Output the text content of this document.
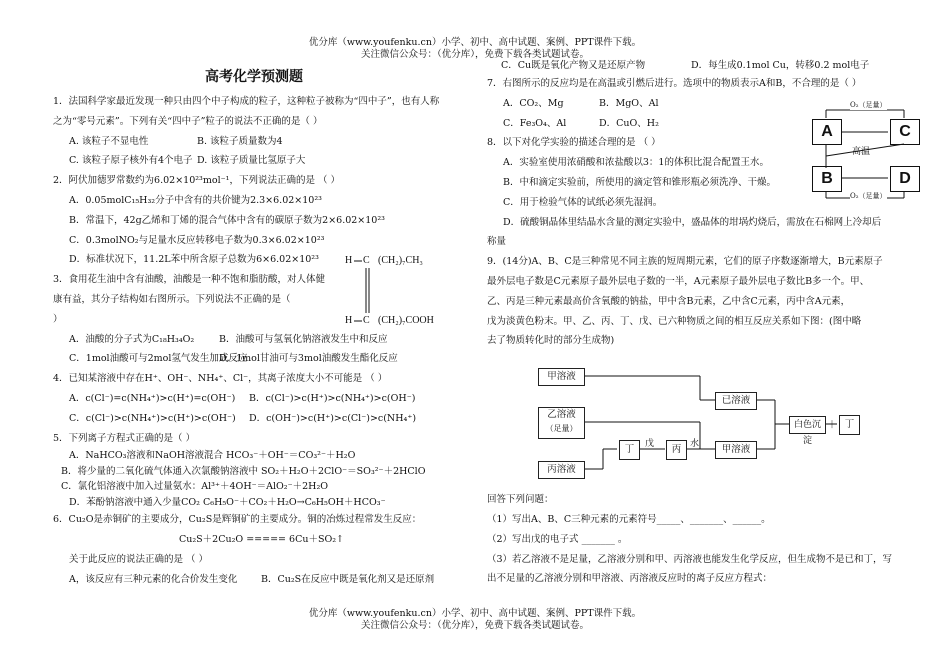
优分库（www.youfenku.cn）小学、初中、高中试题、案例、PPT课件下载。
关注微信公众号：（优分库），免费下载各类试题试卷。
高考化学预测题
1．法国科学家最近发现一种只由四个中子构成的粒子，这种粒子被称为“四中子”，也有人称
之为“零号元素”。下列有关“四中子”粒子的说法不正确的是（ ）
A. 该粒子不显电性	B. 该粒子质量数为4
C. 该粒子原子核外有4个电子 D. 该粒子质量比氢原子大
2．阿伏加德罗常数约为6.02×10²³mol⁻¹，下列说法正确的是 （ ）
A．0.05molC₁₅H₃₂分子中含有的共价键为2.3×6.02×10²³
B．常温下，42g乙烯和丁烯的混合气体中含有的碳原子数为2×6.02×10²³
C．0.3molNO₂与足量水反应转移电子数为0.3×6.02×10²³
D．标准状况下，11.2L苯中所含原子总数为6×6.02×10²³
3．食用花生油中含有油酸，油酸是一种不饱和脂肪酸，对人体健
康有益，其分子结构如右图所示。下列说法不正确的是（
）
A．油酸的分子式为C₁₈H₃₄O₂	B．油酸可与氢氧化钠溶液发生中和反应
C．1mol油酸可与2mol氢气发生加成反应
D．1mol甘油可与3mol油酸发生酯化反应
4．已知某溶液中存在H⁺、OH⁻、NH₄⁺、Cl⁻，其离子浓度大小不可能是 （ ）
A．c(Cl⁻)=c(NH₄⁺)>c(H⁺)=c(OH⁻)	B．c(Cl⁻)>c(H⁺)>c(NH₄⁺)>c(OH⁻)
C．c(Cl⁻)>c(NH₄⁺)>c(H⁺)>c(OH⁻)	D．c(OH⁻)>c(H⁺)>c(Cl⁻)>c(NH₄⁺)
5．下列离子方程式正确的是（ ）
A．NaHCO₃溶液和NaOH溶液混合 HCO₃⁻＋OH⁻＝CO₃²⁻＋H₂O
B．将少量的二氧化硫气体通入次氯酸钠溶液中 SO₂＋H₂O＋2ClO⁻＝SO₃²⁻＋2HClO
C．氯化铝溶液中加入过量氨水：Al³⁺＋4OH⁻＝AlO₂⁻＋2H₂O
D．苯酚钠溶液中通入少量CO₂ C₆H₅O⁻＋CO₂＋H₂O→C₆H₅OH＋HCO₃⁻
6．Cu₂O是赤铜矿的主要成分，Cu₂S是辉铜矿的主要成分。铜的冶炼过程常发生反应：
Cu₂S＋2Cu₂O ===== 6Cu＋SO₂↑
关于此反应的说法正确的是 （ ）
A，该反应有三种元素的化合价发生变化	B．Cu₂S在反应中既是氧化剂又是还原剂
H C (CH₂)₇CH₃
C
H	(CH₂)₇COOH
C．Cu既是氧化产物又是还原产物	D．每生成0.1mol Cu，转移0.2 mol电子
7．右图所示的反应均是在高温或引燃后进行。选项中的物质表示A和B，不合理的是（ ）
A．CO₂、Mg	B．MgO、Al
C．Fe₃O₄、Al	D．CuO、H₂
8．以下对化学实验的描述合理的是 （ ）
A．实验室使用浓硝酸和浓盐酸以3：1的体积比混合配置王水。
B．中和滴定实验前，所使用的滴定管和锥形瓶必须洗净、干燥。
C．用于检验气体的试纸必须先湿润。
D．硫酸铜晶体里结晶水含量的测定实验中，盛晶体的坩埚灼烧后，需放在石棉网上冷却后
称量
9．(14分)A、B、C是三种常见不同主族的短周期元素，它们的原子序数逐渐增大，B元素原子
最外层电子数是C元素原子最外层电子数的一半，A元素原子最外层电子数比B多一个。甲、
乙、丙是三种元素最高价含氧酸的钠盐，甲中含B元素，乙中含C元素，丙中含A元素，
戊为淡黄色粉末。甲、乙、丙、丁、戊、已六种物质之间的相互反应关系如下图：(图中略
去了物质转化时的部分生成物)
回答下列问题：
（1）写出A、B、C三种元素的元素符号_____、_______、______。
（2）写出戊的电子式 _______ 。
（3）若乙溶液不是足量，乙溶液分别和甲、丙溶液也能发生化学反应，但生成物不是已和丁，写
出不足量的乙溶液分别和甲溶液、丙溶液反应时的离子反应方程式：
A	C
B	D
O₂（足量）
高温
O₂（足量）
甲溶液
乙溶液
（足量）
丙溶液
已溶液
丁
戊
丙
水
甲溶液
白色沉淀
＋ 丁
优分库（www.youfenku.cn）小学、初中、高中试题、案例、PPT课件下载。
关注微信公众号：（优分库），免费下载各类试题试卷。
